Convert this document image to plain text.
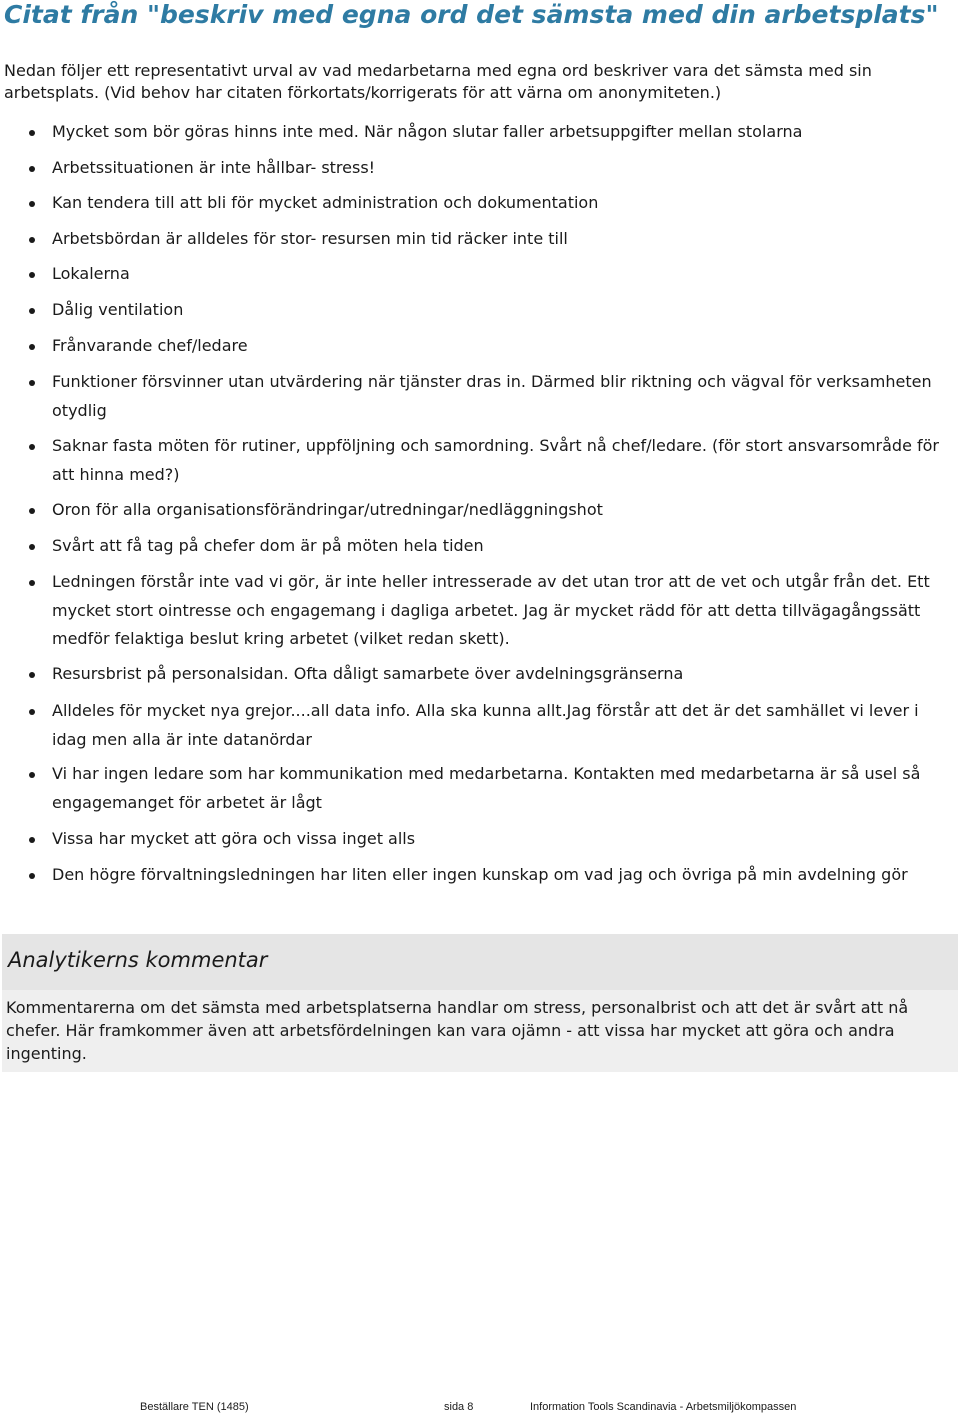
Citat från "beskriv med egna ord det sämsta med din arbetsplats"

Nedan följer ett representativt urval av vad medarbetarna med egna ord beskriver vara det sämsta med sin arbetsplats. (Vid behov har citaten förkortats/korrigerats för att värna om anonymiteten.)

Mycket som bör göras hinns inte med. När någon slutar faller arbetsuppgifter mellan stolarna
Arbetssituationen är inte hållbar- stress!
Kan tendera till att bli för mycket administration och dokumentation
Arbetsbördan är alldeles för stor- resursen min tid räcker inte till
Lokalerna
Dålig ventilation
Frånvarande chef/ledare
Funktioner försvinner utan utvärdering när tjänster dras in. Därmed blir riktning och vägval för verksamheten otydlig
Saknar fasta möten för rutiner, uppföljning och samordning. Svårt nå chef/ledare. (för stort ansvarsområde för att hinna med?)
Oron för alla organisationsförändringar/utredningar/nedläggningshot
Svårt att få tag på chefer dom är på möten hela tiden
Ledningen förstår inte vad vi gör, är inte heller intresserade av det utan tror att de vet och utgår från det. Ett mycket stort ointresse och engagemang i dagliga arbetet. Jag är mycket rädd för att detta tillvägagångssätt medför felaktiga beslut kring arbetet (vilket redan skett).
Resursbrist på personalsidan. Ofta dåligt samarbete över avdelningsgränserna
Alldeles för mycket nya grejor....all data info. Alla ska kunna allt.Jag förstår att det är det samhället vi lever i idag men alla är inte datanördar
Vi har ingen ledare som har kommunikation med medarbetarna. Kontakten med medarbetarna är så usel så engagemanget för arbetet är lågt
Vissa har mycket att göra och vissa inget alls
Den högre förvaltningsledningen har liten eller ingen kunskap om vad jag och övriga på min avdelning gör
Analytikerns kommentar

Kommentarerna om det sämsta med arbetsplatserna handlar om stress, personalbrist och att det är svårt att nå chefer. Här framkommer även att arbetsfördelningen kan vara ojämn - att vissa har mycket att göra och andra ingenting.

Beställare TEN (1485)	sida 8	Information Tools Scandinavia - Arbetsmiljökompassen
